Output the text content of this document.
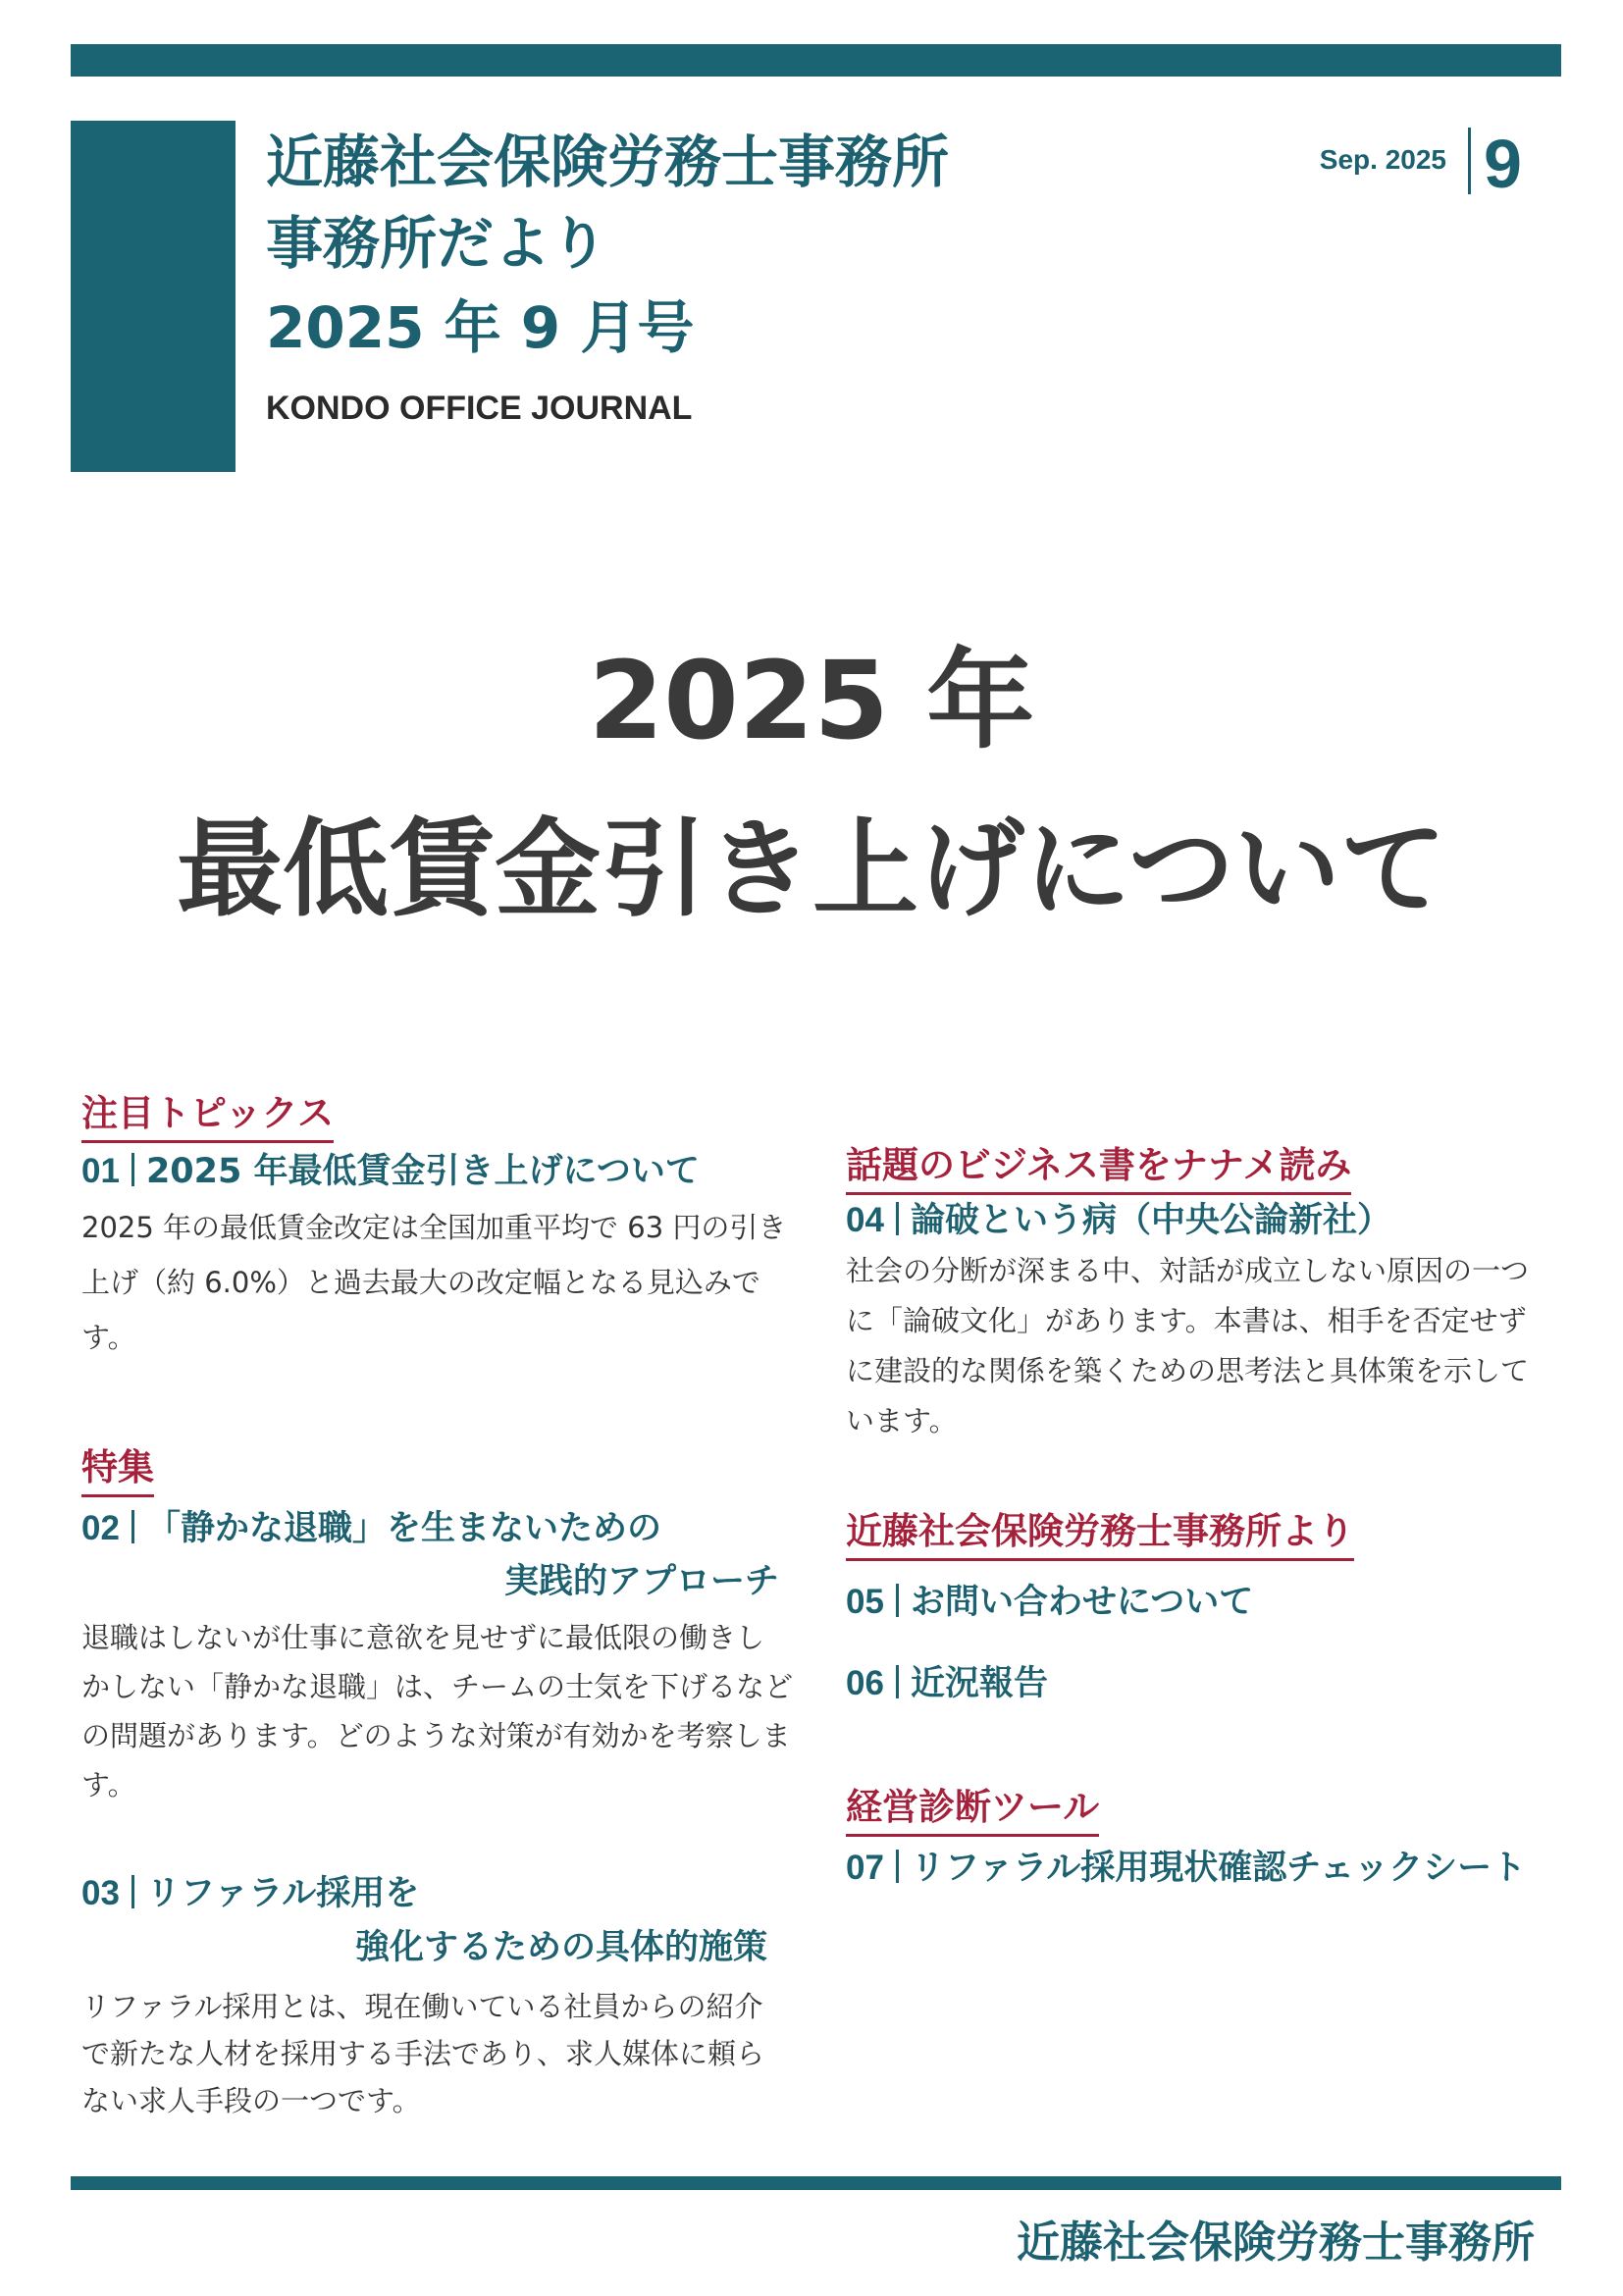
近藤社会保険労務士事務所
事務所だより
2025 年 9 月号
KONDO OFFICE JOURNAL
Sep. 2025 9
2025 年
最低賃金引き上げについて
注目トピックス
01 2025 年最低賃金引き上げについて
2025 年の最低賃金改定は全国加重平均で 63 円の引き
上げ（約 6.0%）と過去最大の改定幅となる見込みで
す。
特集
02 「静かな退職」を生まないための
実践的アプローチ
退職はしないが仕事に意欲を見せずに最低限の働きし
かしない「静かな退職」は、チームの士気を下げるなど
の問題があります。どのような対策が有効かを考察しま
す。
03 リファラル採用を
強化するための具体的施策
リファラル採用とは、現在働いている社員からの紹介
で新たな人材を採用する手法であり、求人媒体に頼ら
ない求人手段の一つです。
話題のビジネス書をナナメ読み
04 論破という病（中央公論新社）
社会の分断が深まる中、対話が成立しない原因の一つ
に「論破文化」があります。本書は、相手を否定せず
に建設的な関係を築くための思考法と具体策を示して
います。
近藤社会保険労務士事務所より
05 お問い合わせについて
06 近況報告
経営診断ツール
07 リファラル採用現状確認チェックシート
近藤社会保険労務士事務所
